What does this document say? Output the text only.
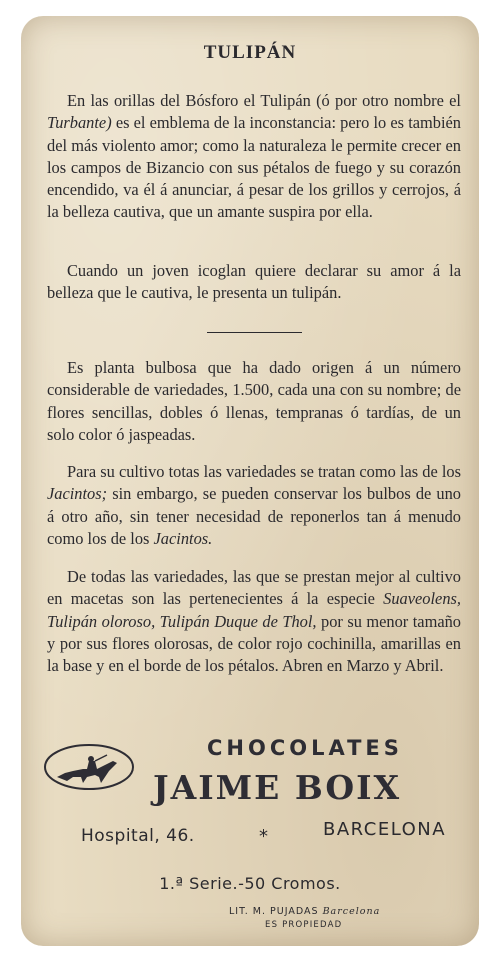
TULIPÁN

En las orillas del Bósforo el Tulipán (ó por otro nombre el Turbante) es el emblema de la inconstancia: pero lo es también del más violento amor; como la naturaleza le permite crecer en los campos de Bizancio con sus pétalos de fuego y su corazón encendido, va él á anunciar, á pesar de los grillos y cerrojos, á la belleza cautiva, que un amante suspira por ella.

Cuando un joven icoglan quiere declarar su amor á la belleza que le cautiva, le presenta un tulipán.

Es planta bulbosa que ha dado origen á un número considerable de variedades, 1.500, cada una con su nombre; de flores sencillas, dobles ó llenas, tempranas ó tardías, de un solo color ó jaspeadas.

Para su cultivo totas las variedades se tratan como las de los Jacintos; sin embargo, se pueden conservar los bulbos de uno á otro año, sin tener necesidad de reponerlos tan á menudo como los de los Jacintos.

De todas las variedades, las que se prestan mejor al cultivo en macetas son las pertenecientes á la especie Suaveolens, Tulipán oloroso, Tulipán Duque de Thol, por su menor tamaño y por sus flores olorosas, de color rojo cochinilla, amarillas en la base y en el borde de los pétalos. Abren en Marzo y Abril.

CHOCOLATES
JAIME BOIX
Hospital, 46.	*	BARCELONA
1.ª Serie.-50 Cromos.
LIT. M. PUJADAS Barcelona
ES PROPIEDAD
